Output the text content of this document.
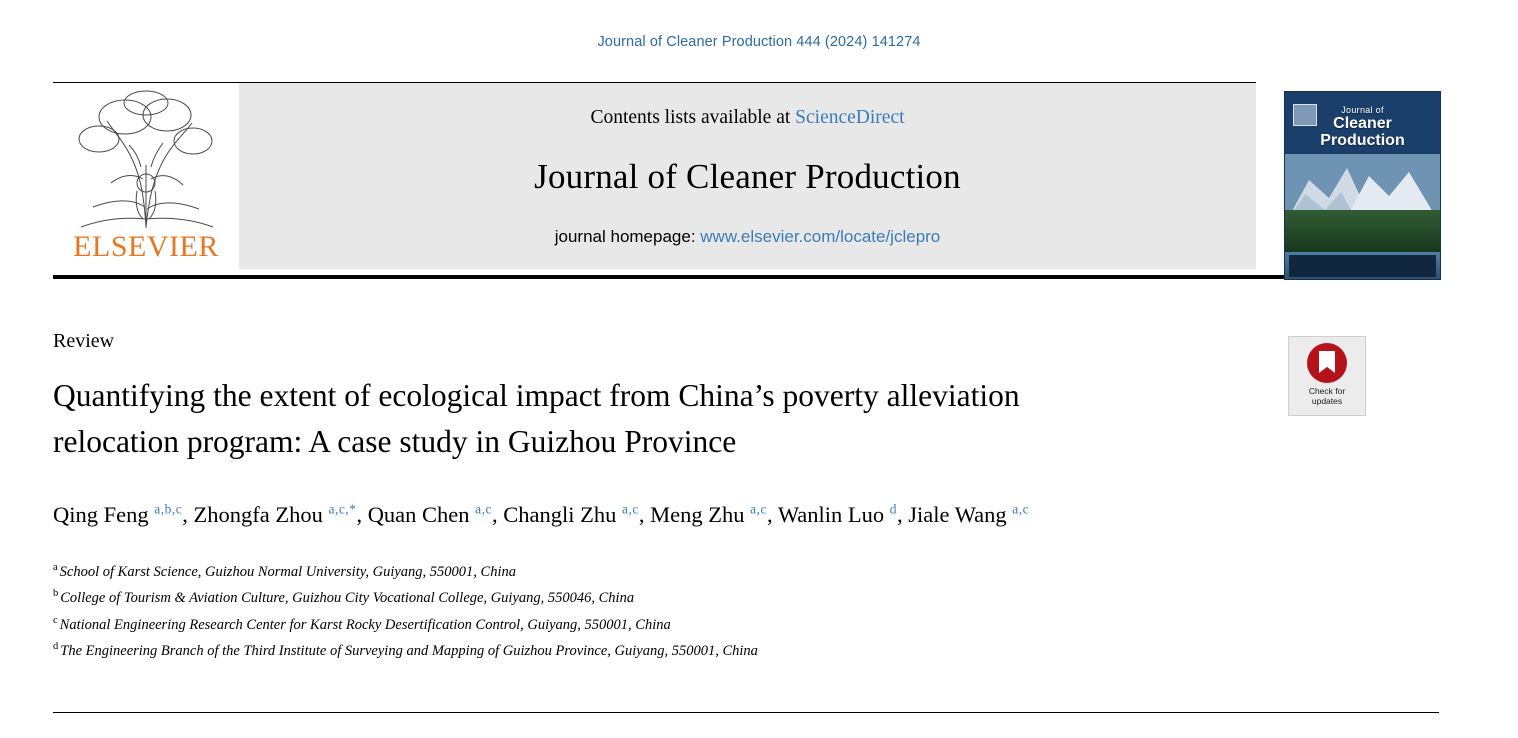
Journal of Cleaner Production 444 (2024) 141274
ELSEVIER
Contents lists available at ScienceDirect
Journal of Cleaner Production
journal homepage: www.elsevier.com/locate/jclepro
Journal of
Cleaner
Production
Check for
updates
Review
Quantifying the extent of ecological impact from China’s poverty alleviation relocation program: A case study in Guizhou Province
Qing Feng $^{a,b,c}$, Zhongfa Zhou $^{a,c,*}$, Quan Chen $^{a,c}$, Changli Zhu $^{a,c}$, Meng Zhu $^{a,c}$, Wanlin Luo $^d$, Jiale Wang $^{a,c}$
$^a$ School of Karst Science, Guizhou Normal University, Guiyang, 550001, China
$^b$ College of Tourism & Aviation Culture, Guizhou City Vocational College, Guiyang, 550046, China
$^c$ National Engineering Research Center for Karst Rocky Desertification Control, Guiyang, 550001, China
$^d$ The Engineering Branch of the Third Institute of Surveying and Mapping of Guizhou Province, Guiyang, 550001, China
